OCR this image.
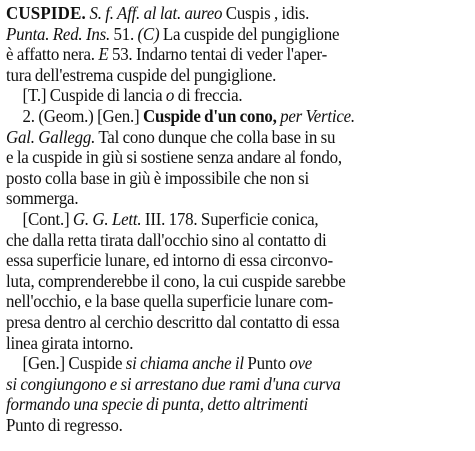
CUSPIDE. S. f. Aff. al lat. aureo Cuspis , idis.
Punta. Red. Ins. 51. (C) La cuspide del pungiglione
è affatto nera. E 53. Indarno tentai di veder l'aper-
tura dell'estrema cuspide del pungiglione.
[T.] Cuspide di lancia o di freccia.
2. (Geom.) [Gen.] Cuspide d'un cono, per Vertice.
Gal. Gallegg. Tal cono dunque che colla base in su
e la cuspide in giù si sostiene senza andare al fondo,
posto colla base in giù è impossibile che non si
sommerga.
[Cont.] G. G. Lett. III. 178. Superficie conica,
che dalla retta tirata dall'occhio sino al contatto di
essa superficie lunare, ed intorno di essa circonvo-
luta, comprenderebbe il cono, la cui cuspide sarebbe
nell'occhio, e la base quella superficie lunare com-
presa dentro al cerchio descritto dal contatto di essa
linea girata intorno.
[Gen.] Cuspide si chiama anche il Punto ove
si congiungono e si arrestano due rami d'una curva
formando una specie di punta, detto altrimenti
Punto di regresso.
